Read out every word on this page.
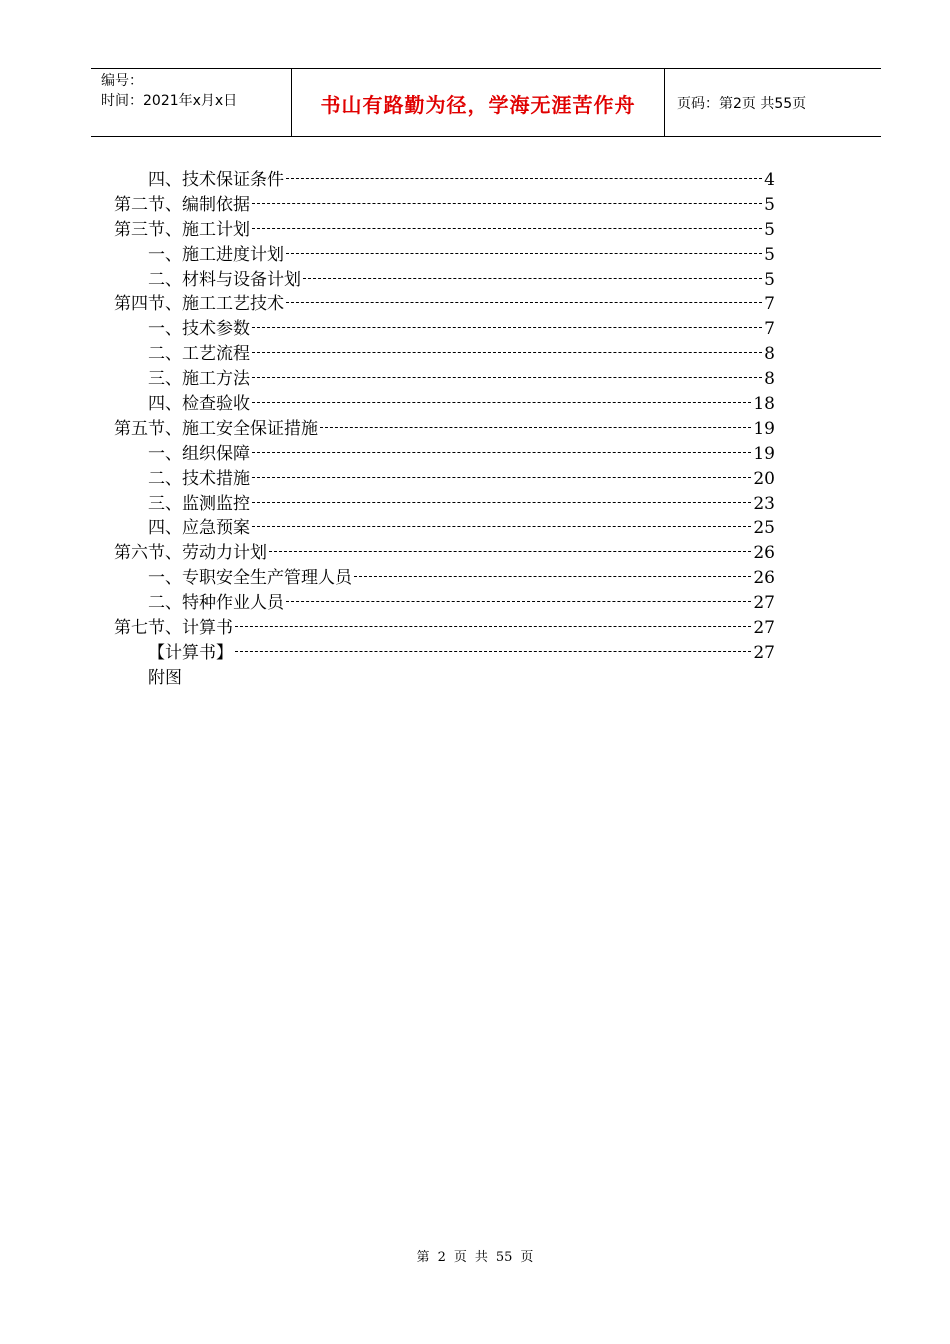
编号：
时间：2021年x月x日	书山有路勤为径，学海无涯苦作舟	页码：第2页 共55页
四、技术保证条件	4
第二节、编制依据	5
第三节、施工计划	5
一、施工进度计划	5
二、材料与设备计划	5
第四节、施工工艺技术	7
一、技术参数	7
二、工艺流程	8
三、施工方法	8
四、检查验收	18
第五节、施工安全保证措施	19
一、组织保障	19
二、技术措施	20
三、监测监控	23
四、应急预案	25
第六节、劳动力计划	26
一、专职安全生产管理人员	26
二、特种作业人员	27
第七节、计算书	27
【计算书】	27
附图
第 2 页 共 55 页
